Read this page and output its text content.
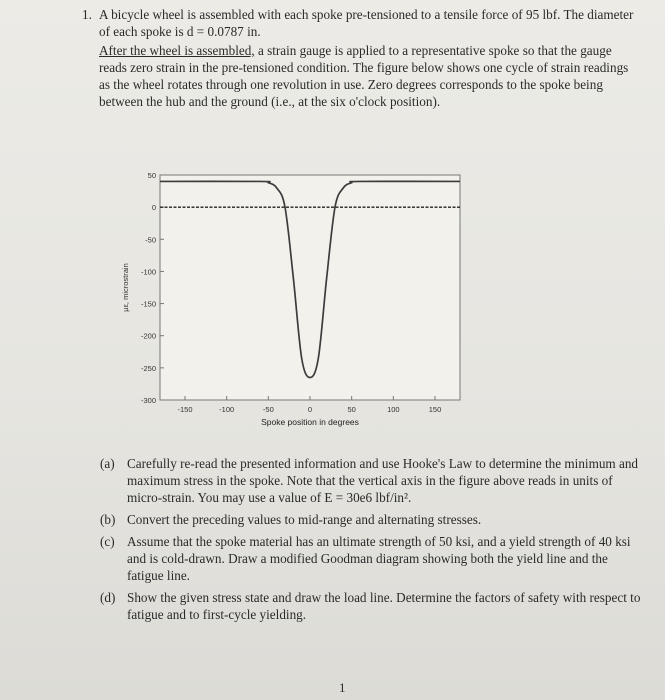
1. A bicycle wheel is assembled with each spoke pre-tensioned to a tensile force of 95 lbf. The diameter of each spoke is d = 0.0787 in.
After the wheel is assembled, a strain gauge is applied to a representative spoke so that the gauge reads zero strain in the pre-tensioned condition. The figure below shows one cycle of strain readings as the wheel rotates through one revolution in use. Zero degrees corresponds to the spoke being between the hub and the ground (i.e., at the six o'clock position).
50
0
-50
-100
-150
-200
-250
-300
-150	-100	-50	0	50	100	150
Spoke position in degrees
με, microstrain
(a) Carefully re-read the presented information and use Hooke's Law to determine the minimum and maximum stress in the spoke. Note that the vertical axis in the figure above reads in units of micro-strain. You may use a value of E = 30e6 lbf/in².
(b) Convert the preceding values to mid-range and alternating stresses.
(c) Assume that the spoke material has an ultimate strength of 50 ksi, and a yield strength of 40 ksi and is cold-drawn. Draw a modified Goodman diagram showing both the yield line and the fatigue line.
(d) Show the given stress state and draw the load line. Determine the factors of safety with respect to fatigue and to first-cycle yielding.
1
